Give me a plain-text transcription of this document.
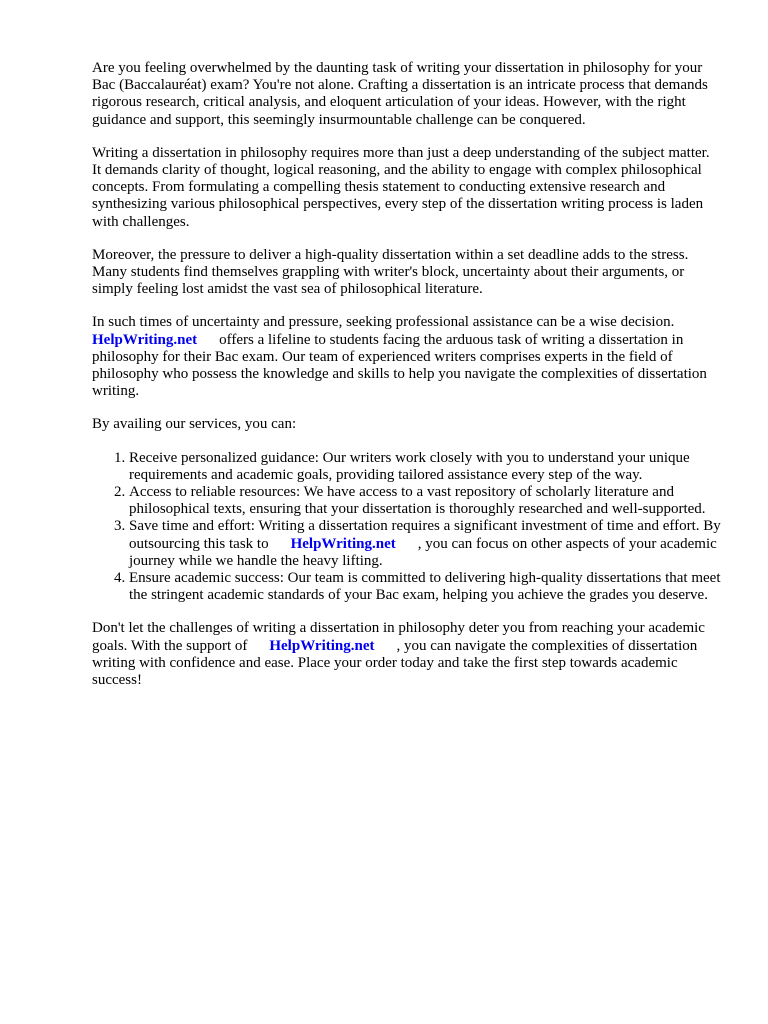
Are you feeling overwhelmed by the daunting task of writing your dissertation in philosophy for your Bac (Baccalauréat) exam? You're not alone. Crafting a dissertation is an intricate process that demands rigorous research, critical analysis, and eloquent articulation of your ideas. However, with the right guidance and support, this seemingly insurmountable challenge can be conquered.

Writing a dissertation in philosophy requires more than just a deep understanding of the subject matter. It demands clarity of thought, logical reasoning, and the ability to engage with complex philosophical concepts. From formulating a compelling thesis statement to conducting extensive research and synthesizing various philosophical perspectives, every step of the dissertation writing process is laden with challenges.

Moreover, the pressure to deliver a high-quality dissertation within a set deadline adds to the stress. Many students find themselves grappling with writer's block, uncertainty about their arguments, or simply feeling lost amidst the vast sea of philosophical literature.

In such times of uncertainty and pressure, seeking professional assistance can be a wise decision.
HelpWriting.net offers a lifeline to students facing the arduous task of writing a dissertation in philosophy for their Bac exam. Our team of experienced writers comprises experts in the field of philosophy who possess the knowledge and skills to help you navigate the complexities of dissertation writing.

By availing our services, you can:

1. Receive personalized guidance: Our writers work closely with you to understand your unique requirements and academic goals, providing tailored assistance every step of the way.
2. Access to reliable resources: We have access to a vast repository of scholarly literature and philosophical texts, ensuring that your dissertation is thoroughly researched and well-supported.
3. Save time and effort: Writing a dissertation requires a significant investment of time and effort. By outsourcing this task to HelpWriting.net , you can focus on other aspects of your academic journey while we handle the heavy lifting.
4. Ensure academic success: Our team is committed to delivering high-quality dissertations that meet the stringent academic standards of your Bac exam, helping you achieve the grades you deserve.

Don't let the challenges of writing a dissertation in philosophy deter you from reaching your academic goals. With the support of HelpWriting.net , you can navigate the complexities of dissertation writing with confidence and ease. Place your order today and take the first step towards academic success!
